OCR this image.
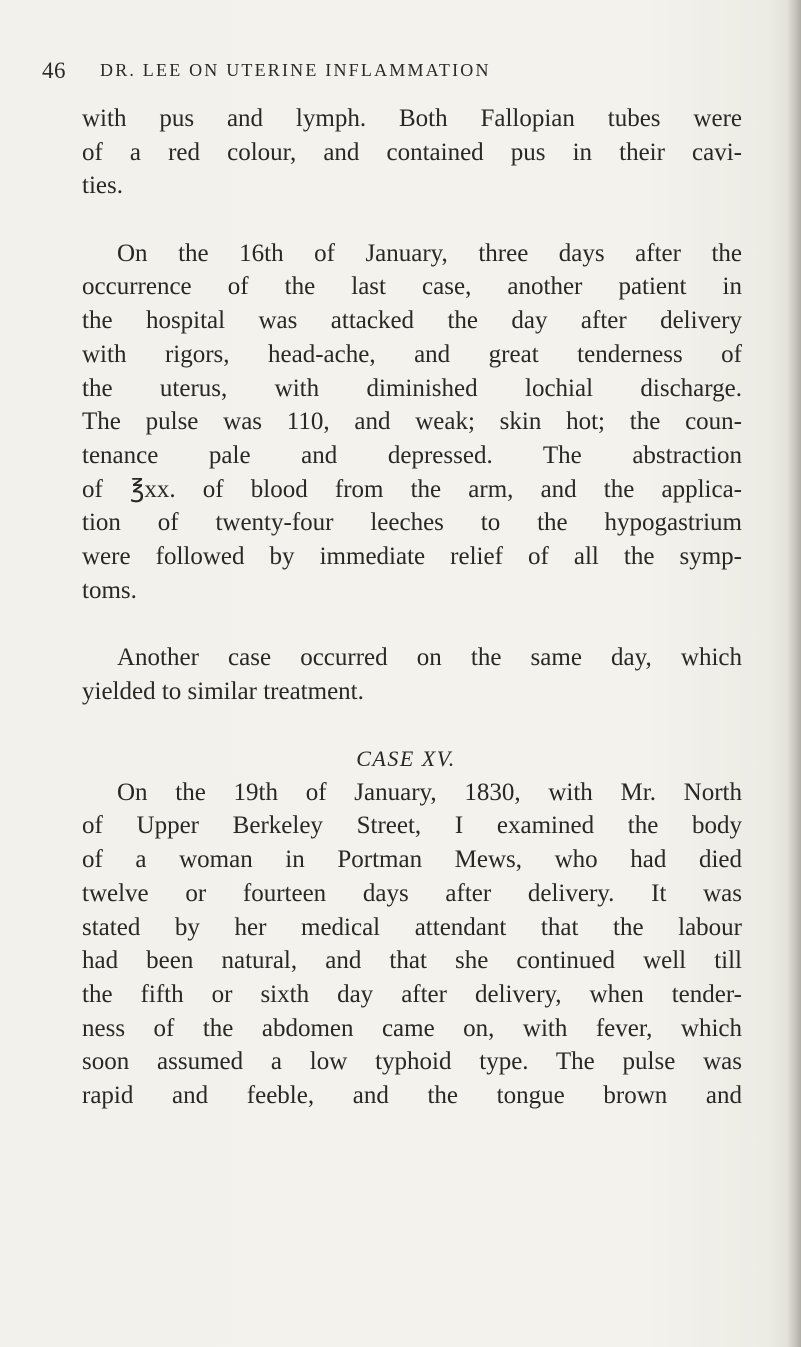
46 DR. LEE ON UTERINE INFLAMMATION
with pus and lymph. Both Fallopian tubes were
of a red colour, and contained pus in their cavi-
ties.
On the 16th of January, three days after the
occurrence of the last case, another patient in
the hospital was attacked the day after delivery
with rigors, head-ache, and great tenderness of
the uterus, with diminished lochial discharge.
The pulse was 110, and weak; skin hot; the coun-
tenance pale and depressed. The abstraction
of ℥xx. of blood from the arm, and the applica-
tion of twenty-four leeches to the hypogastrium
were followed by immediate relief of all the symp-
toms.
Another case occurred on the same day, which
yielded to similar treatment.
CASE XV.
On the 19th of January, 1830, with Mr. North
of Upper Berkeley Street, I examined the body
of a woman in Portman Mews, who had died
twelve or fourteen days after delivery. It was
stated by her medical attendant that the labour
had been natural, and that she continued well till
the fifth or sixth day after delivery, when tender-
ness of the abdomen came on, with fever, which
soon assumed a low typhoid type. The pulse was
rapid and feeble, and the tongue brown and
